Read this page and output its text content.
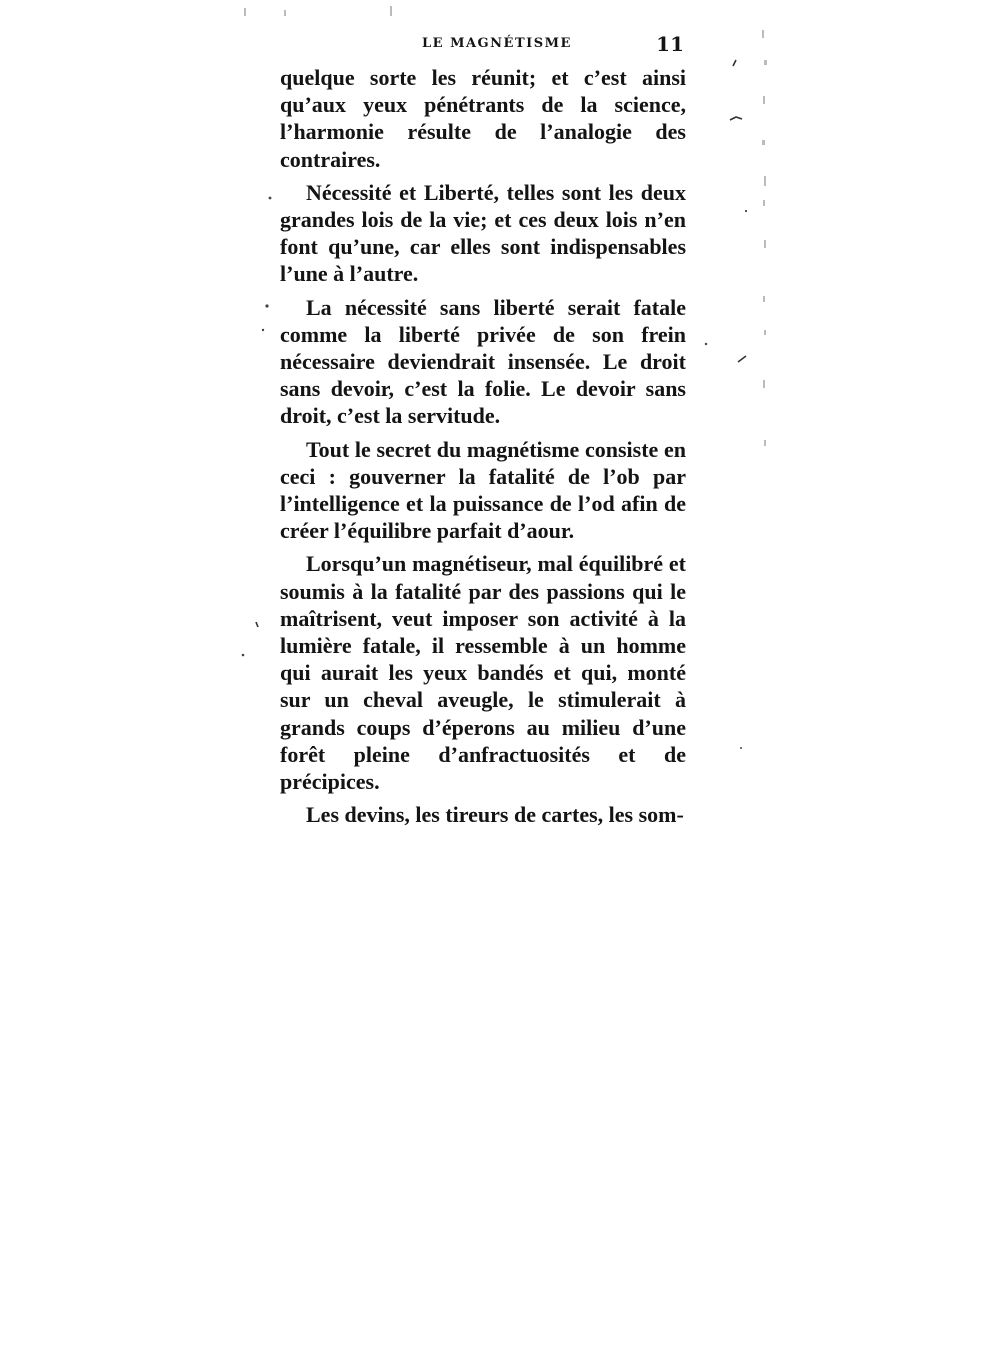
LE MAGNÉTISME	11

quelque sorte les réunit; et c’est ainsi qu’aux yeux pénétrants de la science, l’harmonie résulte de l’analogie des contraires.

Nécessité et Liberté, telles sont les deux grandes lois de la vie; et ces deux lois n’en font qu’une, car elles sont indispensables l’une à l’autre.

La nécessité sans liberté serait fatale comme la liberté privée de son frein nécessaire deviendrait insensée. Le droit sans devoir, c’est la folie. Le devoir sans droit, c’est la servitude.

Tout le secret du magnétisme consiste en ceci : gouverner la fatalité de l’ob par l’intelligence et la puissance de l’od afin de créer l’équilibre parfait d’aour.

Lorsqu’un magnétiseur, mal équilibré et soumis à la fatalité par des passions qui le maîtrisent, veut imposer son activité à la lumière fatale, il ressemble à un homme qui aurait les yeux bandés et qui, monté sur un cheval aveugle, le stimulerait à grands coups d’éperons au milieu d’une forêt pleine d’anfractuosités et de précipices.

Les devins, les tireurs de cartes, les som-
